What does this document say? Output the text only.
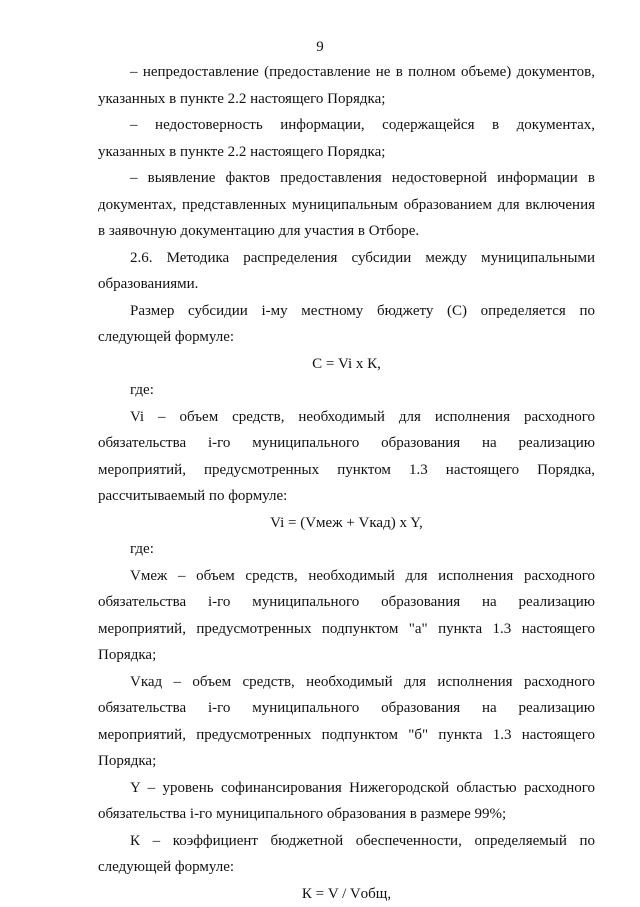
9

– непредоставление (предоставление не в полном объеме) документов, указанных в пункте 2.2 настоящего Порядка;

– недостоверность информации, содержащейся в документах, указанных в пункте 2.2 настоящего Порядка;

– выявление фактов предоставления недостоверной информации в документах, представленных муниципальным образованием для включения в заявочную документацию для участия в Отборе.

2.6. Методика распределения субсидии между муниципальными образованиями.

Размер субсидии i-му местному бюджету (С) определяется по следующей формуле:

С = Vi x К,

где:

Vi – объем средств, необходимый для исполнения расходного обязательства i-го муниципального образования на реализацию мероприятий, предусмотренных пунктом 1.3 настоящего Порядка, рассчитываемый по формуле:

Vi = (Vмеж + Vкад) x Y,

где:

Vмеж – объем средств, необходимый для исполнения расходного обязательства i-го муниципального образования на реализацию мероприятий, предусмотренных подпунктом "а" пункта 1.3 настоящего Порядка;

Vкад – объем средств, необходимый для исполнения расходного обязательства i-го муниципального образования на реализацию мероприятий, предусмотренных подпунктом "б" пункта 1.3 настоящего Порядка;

Y – уровень софинансирования Нижегородской областью расходного обязательства i-го муниципального образования в размере 99%;

К – коэффициент бюджетной обеспеченности, определяемый по следующей формуле:

К = V / Vобщ,
